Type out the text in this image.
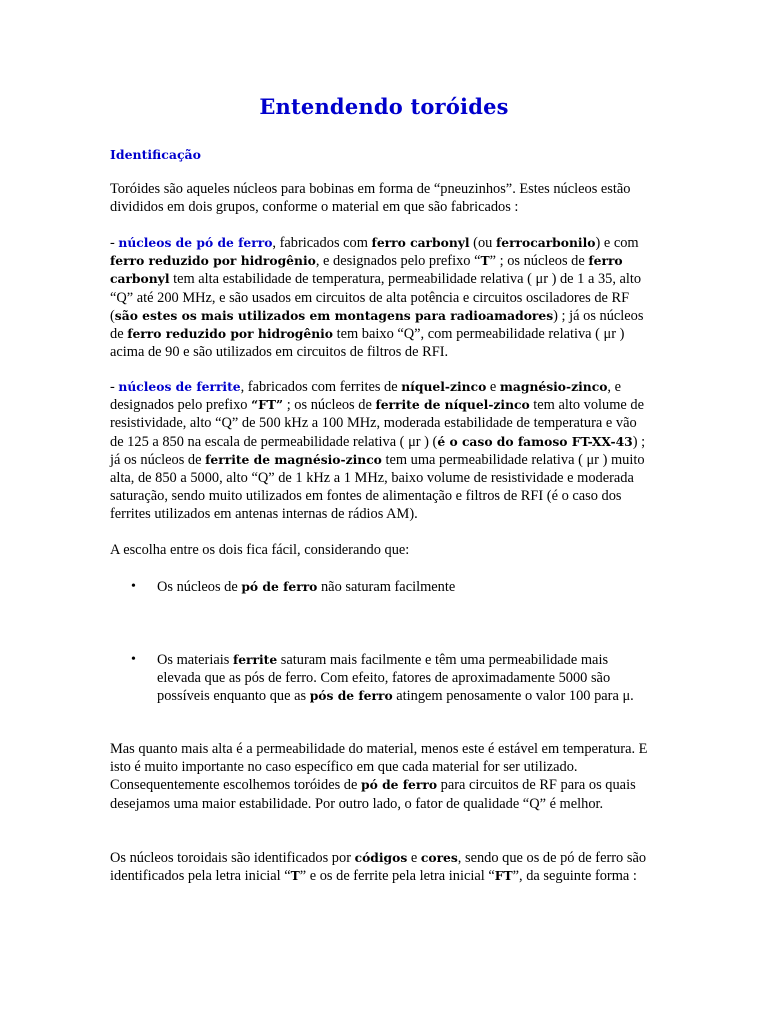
Entendendo toróides
Identificação

Toróides são aqueles núcleos para bobinas em forma de “pneuzinhos”. Estes núcleos estão divididos em dois grupos, conforme o material em que são fabricados :

- núcleos de pó de ferro, fabricados com ferro carbonyl (ou ferrocarbonilo) e com ferro reduzido por hidrogênio, e designados pelo prefixo “T” ; os núcleos de ferro carbonyl tem alta estabilidade de temperatura, permeabilidade relativa ( μr ) de 1 a 35, alto “Q” até 200 MHz, e são usados em circuitos de alta potência e circuitos osciladores de RF (são estes os mais utilizados em montagens para radioamadores) ; já os núcleos de ferro reduzido por hidrogênio tem baixo “Q”, com permeabilidade relativa ( μr ) acima de 90 e são utilizados em circuitos de filtros de RFI.

- núcleos de ferrite, fabricados com ferrites de níquel-zinco e magnésio-zinco, e designados pelo prefixo “FT” ; os núcleos de ferrite de níquel-zinco tem alto volume de resistividade, alto “Q” de 500 kHz a 100 MHz, moderada estabilidade de temperatura e vão de 125 a 850 na escala de permeabilidade relativa ( μr ) (é o caso do famoso FT-XX-43) ; já os núcleos de ferrite de magnésio-zinco tem uma permeabilidade relativa ( μr ) muito alta, de 850 a 5000, alto “Q” de 1 kHz a 1 MHz, baixo volume de resistividade e moderada saturação, sendo muito utilizados em fontes de alimentação e filtros de RFI (é o caso dos ferrites utilizados em antenas internas de rádios AM).

A escolha entre os dois fica fácil, considerando que:

• Os núcleos de pó de ferro não saturam facilmente
• Os materiais ferrite saturam mais facilmente e têm uma permeabilidade mais elevada que as pós de ferro. Com efeito, fatores de aproximadamente 5000 são possíveis enquanto que as pós de ferro atingem penosamente o valor 100 para μ.

Mas quanto mais alta é a permeabilidade do material, menos este é estável em temperatura. E isto é muito importante no caso específico em que cada material for ser utilizado. Consequentemente escolhemos toróides de pó de ferro para circuitos de RF para os quais desejamos uma maior estabilidade. Por outro lado, o fator de qualidade “Q” é melhor.

Os núcleos toroidais são identificados por códigos e cores, sendo que os de pó de ferro são identificados pela letra inicial “T” e os de ferrite pela letra inicial “FT”, da seguinte forma :
